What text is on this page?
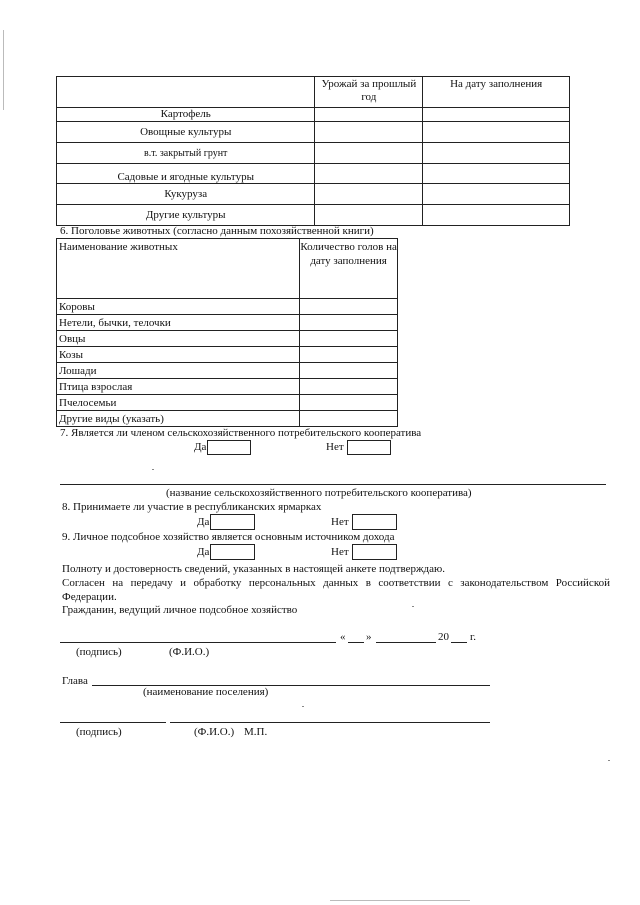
	Урожай за прошлый год	На дату заполнения
Картофель		
Овощные культуры		
в.т. закрытый грунт		
Садовые и ягодные культуры		
Кукуруза		
Другие культуры		
6. Поголовье животных (согласно данным похозяйственной книги)
Наименование животных	Количество голов на дату заполнения
Коровы	
Нетели, бычки, телочки	
Овцы	
Козы	
Лошади	
Птица взрослая	
Пчелосемьи	
Другие виды (указать)	
7. Является ли членом сельскохозяйственного потребительского кооператива
Да	Нет
(название сельскохозяйственного потребительского кооператива)
8. Принимаете ли участие в республиканских ярмарках
Да	Нет
9. Личное подсобное хозяйство является основным источником дохода
Да	Нет
Полноту и достоверность сведений, указанных в настоящей анкете подтверждаю.
Согласен на передачу и обработку персональных данных в соответствии с законодательством Российской Федерации.
Гражданин, ведущий личное подсобное хозяйство
« »	20 г.
(подпись)	(Ф.И.О.)
Глава
(наименование поселения)
(подпись)	(Ф.И.О.) М.П.
